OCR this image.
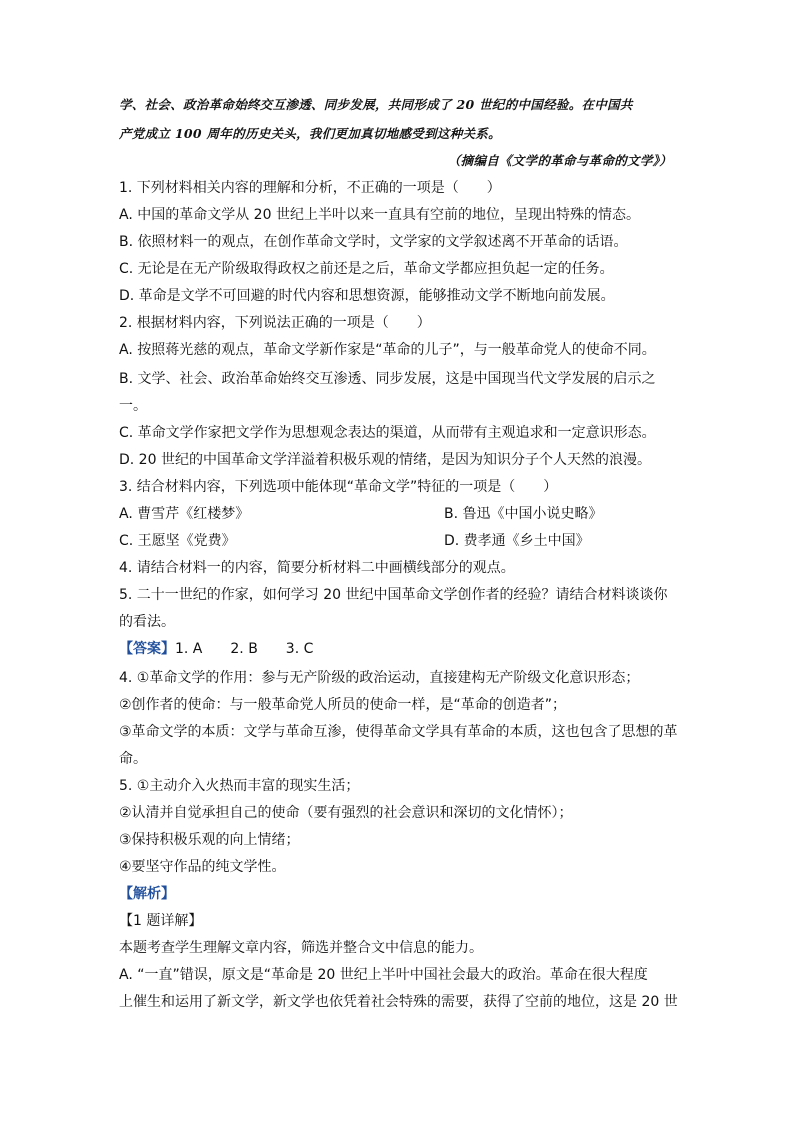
学、社会、政治革命始终交互渗透、同步发展，共同形成了 20 世纪的中国经验。在中国共
产党成立 100 周年的历史关头，我们更加真切地感受到这种关系。
（摘编自《文学的革命与革命的文学》）
1. 下列材料相关内容的理解和分析，不正确的一项是（　　）
A. 中国的革命文学从 20 世纪上半叶以来一直具有空前的地位，呈现出特殊的情态。
B. 依照材料一的观点，在创作革命文学时，文学家的文学叙述离不开革命的话语。
C. 无论是在无产阶级取得政权之前还是之后，革命文学都应担负起一定的任务。
D. 革命是文学不可回避的时代内容和思想资源，能够推动文学不断地向前发展。
2. 根据材料内容，下列说法正确的一项是（　　）
A. 按照蒋光慈的观点，革命文学新作家是“革命的儿子”，与一般革命党人的使命不同。
B. 文学、社会、政治革命始终交互渗透、同步发展，这是中国现当代文学发展的启示之
一。
C. 革命文学作家把文学作为思想观念表达的渠道，从而带有主观追求和一定意识形态。
D. 20 世纪的中国革命文学洋溢着积极乐观的情绪，是因为知识分子个人天然的浪漫。
3. 结合材料内容，下列选项中能体现“革命文学”特征的一项是（　　）
A. 曹雪芹《红楼梦》	B. 鲁迅《中国小说史略》
C. 王愿坚《党费》	D. 费孝通《乡土中国》
4. 请结合材料一的内容，简要分析材料二中画横线部分的观点。
5. 二十一世纪的作家，如何学习 20 世纪中国革命文学创作者的经验？请结合材料谈谈你
的看法。
【答案】1. A　　2. B　　3. C
4. ①革命文学的作用：参与无产阶级的政治运动，直接建构无产阶级文化意识形态；
②创作者的使命：与一般革命党人所员的使命一样，是“革命的创造者”；
③革命文学的本质：文学与革命互渗，使得革命文学具有革命的本质，这也包含了思想的革
命。
5. ①主动介入火热而丰富的现实生活；
②认清并自觉承担自己的使命（要有强烈的社会意识和深切的文化情怀）；
③保持积极乐观的向上情绪；
④要坚守作品的纯文学性。
【解析】
【1 题详解】
本题考查学生理解文章内容，筛选并整合文中信息的能力。
A. “一直”错误，原文是“革命是 20 世纪上半叶中国社会最大的政治。革命在很大程度
上催生和运用了新文学，新文学也依凭着社会特殊的需要，获得了空前的地位，这是 20 世
